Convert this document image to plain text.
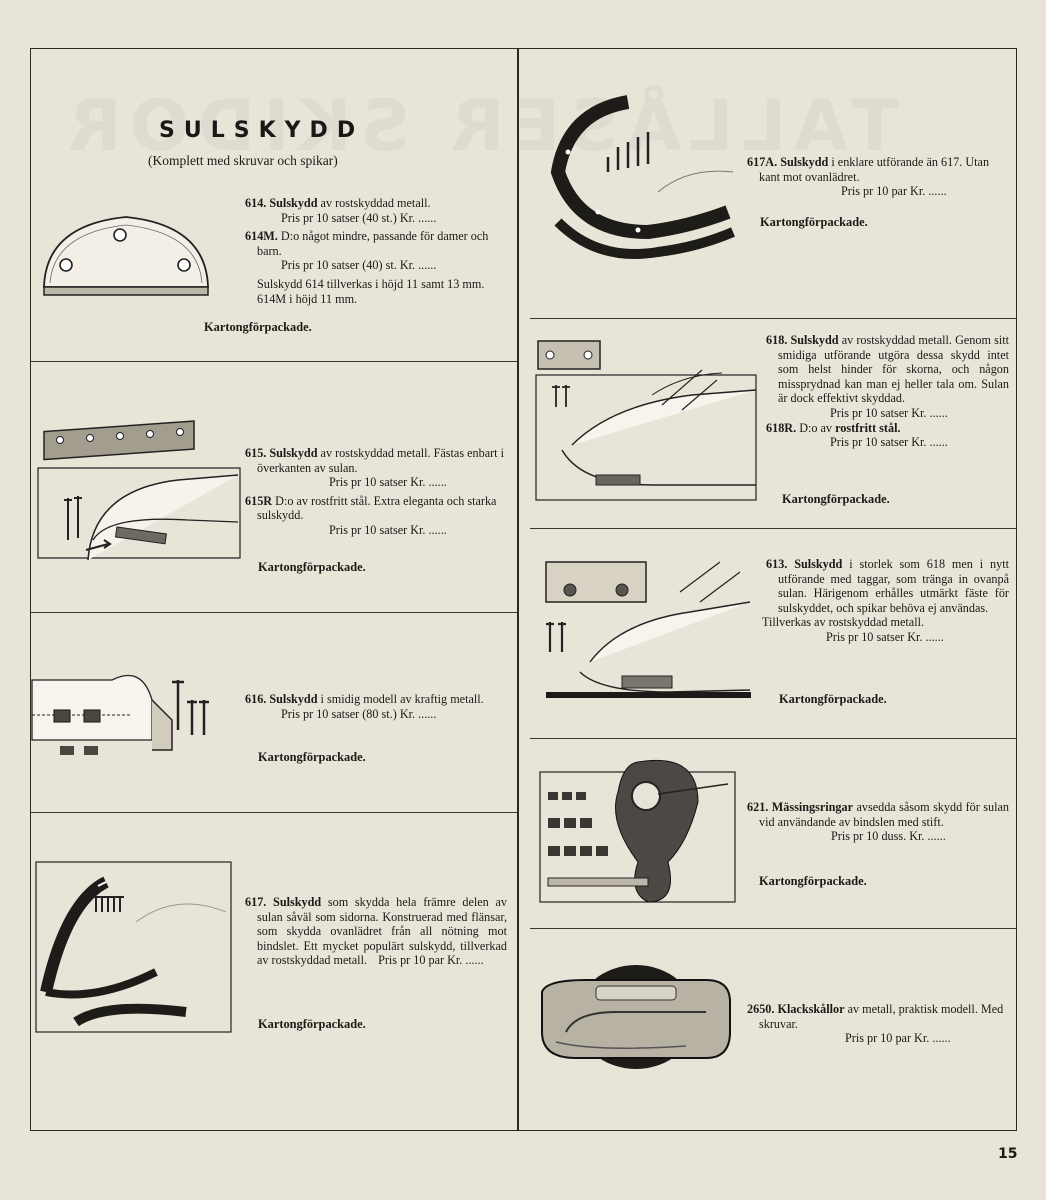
SULSKYDD
(Komplett med skruvar och spikar)

614. Sulskydd av rostskyddad metall.

Pris pr 10 satser (40 st.) Kr. ......

614M. D:o något mindre, passande för damer och barn.

Pris pr 10 satser (40) st. Kr. ......

Sulskydd 614 tillverkas i höjd 11 samt 13 mm. 614M i höjd 11 mm.

Kartongförpackade.

615. Sulskydd av rostskyddad metall. Fästas enbart i överkanten av sulan.

Pris pr 10 satser Kr. ......

615R D:o av rostfritt stål. Extra eleganta och starka sulskydd.

Pris pr 10 satser Kr. ......

Kartongförpackade.

616. Sulskydd i smidig modell av kraftig metall.

Pris pr 10 satser (80 st.) Kr. ......

Kartongförpackade.

617. Sulskydd som skydda hela främre delen av sulan såväl som sidorna. Konstruerad med flänsar, som skydda ovanlädret från all nötning mot bindslet. Ett mycket populärt sulskydd, tillverkad av rostskyddad metall. Pris pr 10 par Kr. ......

Kartongförpackade.

617A. Sulskydd i enklare utförande än 617. Utan kant mot ovanlädret.

Pris pr 10 par Kr. ......

Kartongförpackade.

618. Sulskydd av rostskyddad metall. Genom sitt smidiga utförande utgöra dessa skydd intet som helst hinder för skorna, och någon missprydnad kan man ej heller tala om. Sulan är dock effektivt skyddad.

Pris pr 10 satser Kr. ......

618R. D:o av rostfritt stål.

Pris pr 10 satser Kr. ......

Kartongförpackade.

613. Sulskydd i storlek som 618 men i nytt utförande med taggar, som tränga in ovanpå sulan. Härigenom erhålles utmärkt fäste för sulskyddet, och spikar behöva ej användas.

Tillverkas av rostskyddad metall.

Pris pr 10 satser Kr. ......

Kartongförpackade.

621. Mässingsringar avsedda såsom skydd för sulan vid användande av bindslen med stift.

Pris pr 10 duss. Kr. ......

Kartongförpackade.

2650. Klackskållor av metall, praktisk modell. Med skruvar.

Pris pr 10 par Kr. ......

15
